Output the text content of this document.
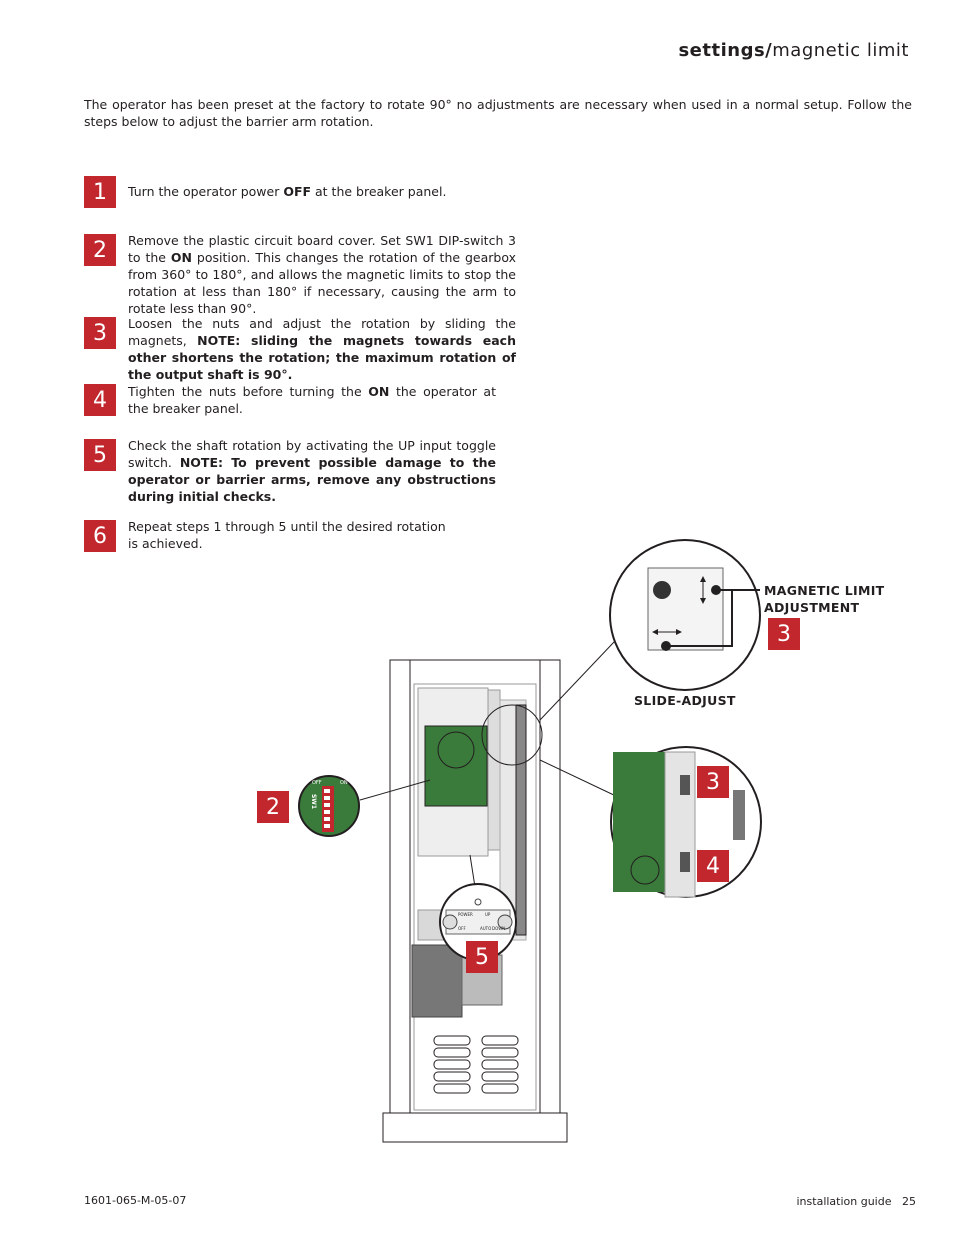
settings/magnetic limit
The operator has been preset at the factory to rotate 90° no adjustments are necessary when used in a normal setup. Follow the steps below to adjust the barrier arm rotation.
1	Turn the operator power OFF at the breaker panel.
2	Remove the plastic circuit board cover. Set SW1 DIP-switch 3 to the ON position. This changes the rotation of the gearbox from 360° to 180°, and allows the magnetic limits to stop the rotation at less than 180° if necessary, causing the arm to rotate less than 90°.
3	Loosen the nuts and adjust the rotation by sliding the magnets, NOTE: sliding the magnets towards each other shortens the rotation; the maximum rotation of the output shaft is 90°.
4	Tighten the nuts before turning the ON the operator at the breaker panel.
5	Check the shaft rotation by activating the UP input toggle switch. NOTE: To prevent possible damage to the operator or barrier arms, remove any obstructions during initial checks.
6	Repeat steps 1 through 5 until the desired rotation is achieved.
MAGNETIC LIMIT
ADJUSTMENT
SLIDE-ADJUST
3
3
4
2
5
SW1
OFF	ON
POWER	UP
OFF	AUTO DOWN
1601-065-M-05-07	installation guide 25
